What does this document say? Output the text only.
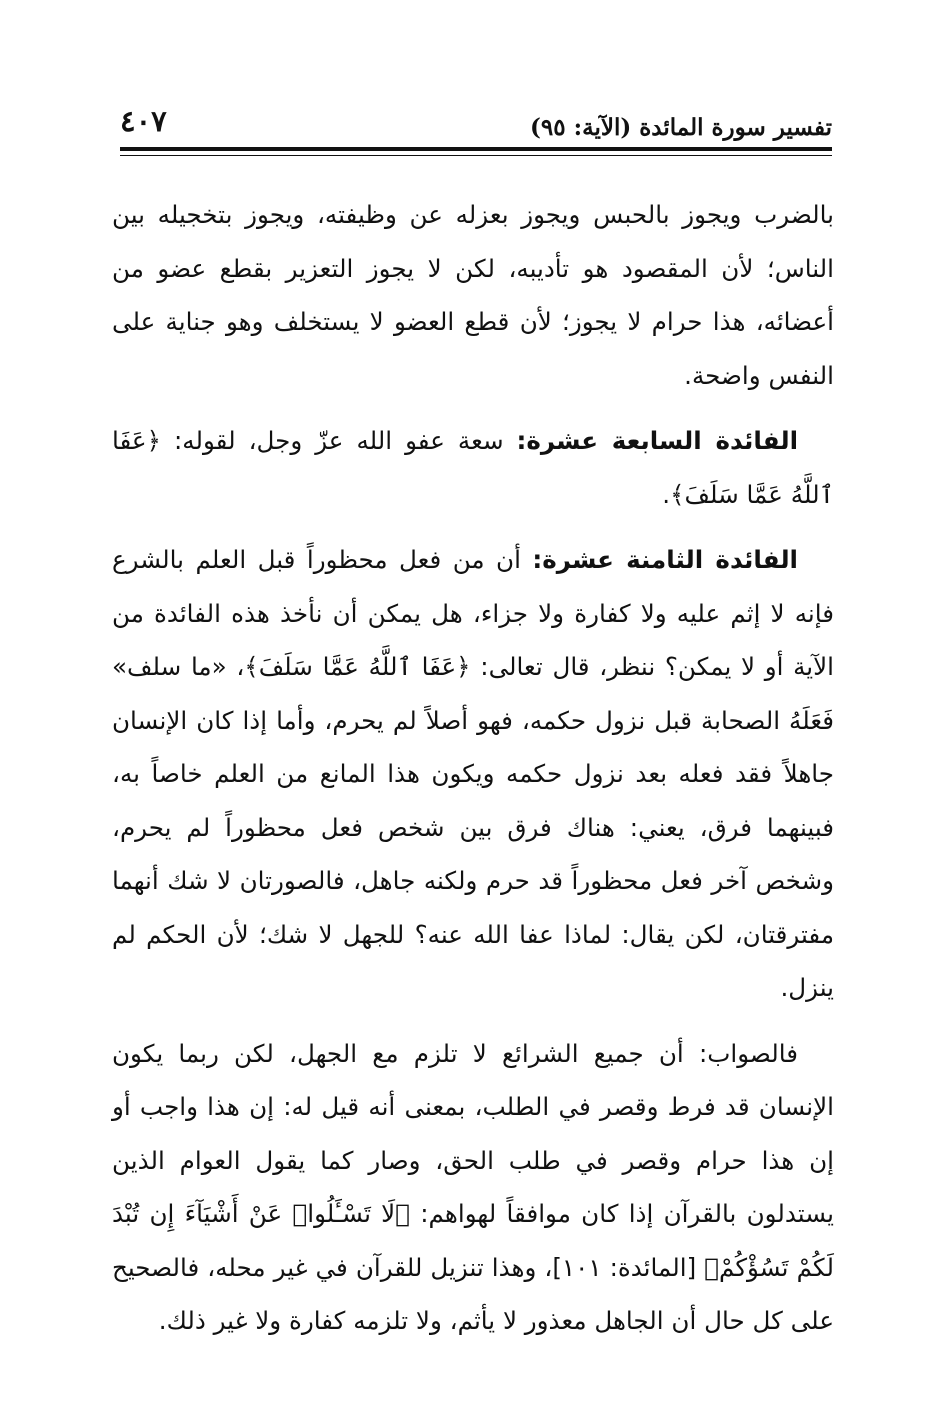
تفسير سورة المائدة (الآية: ٩٥)
٤٠٧

بالضرب ويجوز بالحبس ويجوز بعزله عن وظيفته، ويجوز بتخجيله بين الناس؛ لأن المقصود هو تأديبه، لكن لا يجوز التعزير بقطع عضو من أعضائه، هذا حرام لا يجوز؛ لأن قطع العضو لا يستخلف وهو جناية على النفس واضحة.

الفائدة السابعة عشرة: سعة عفو الله عزّ وجل، لقوله: ﴿عَفَا ٱللَّهُ عَمَّا سَلَفَ﴾.

الفائدة الثامنة عشرة: أن من فعل محظوراً قبل العلم بالشرع فإنه لا إثم عليه ولا كفارة ولا جزاء، هل يمكن أن نأخذ هذه الفائدة من الآية أو لا يمكن؟ ننظر، قال تعالى: ﴿عَفَا ٱللَّهُ عَمَّا سَلَفَ﴾، «ما سلف» فَعَلَهُ الصحابة قبل نزول حكمه، فهو أصلاً لم يحرم، وأما إذا كان الإنسان جاهلاً فقد فعله بعد نزول حكمه ويكون هذا المانع من العلم خاصاً به، فبينهما فرق، يعني: هناك فرق بين شخص فعل محظوراً لم يحرم، وشخص آخر فعل محظوراً قد حرم ولكنه جاهل، فالصورتان لا شك أنهما مفترقتان، لكن يقال: لماذا عفا الله عنه؟ للجهل لا شك؛ لأن الحكم لم ينزل.

فالصواب: أن جميع الشرائع لا تلزم مع الجهل، لكن ربما يكون الإنسان قد فرط وقصر في الطلب، بمعنى أنه قيل له: إن هذا واجب أو إن هذا حرام وقصر في طلب الحق، وصار كما يقول العوام الذين يستدلون بالقرآن إذا كان موافقاً لهواهم: ﴿لَا تَسْـَٔلُوا۟ عَنْ أَشْيَآءَ إِن تُبْدَ لَكُمْ تَسُؤْكُمْ﴾ [المائدة: ١٠١]، وهذا تنزيل للقرآن في غير محله، فالصحيح على كل حال أن الجاهل معذور لا يأثم، ولا تلزمه كفارة ولا غير ذلك.
